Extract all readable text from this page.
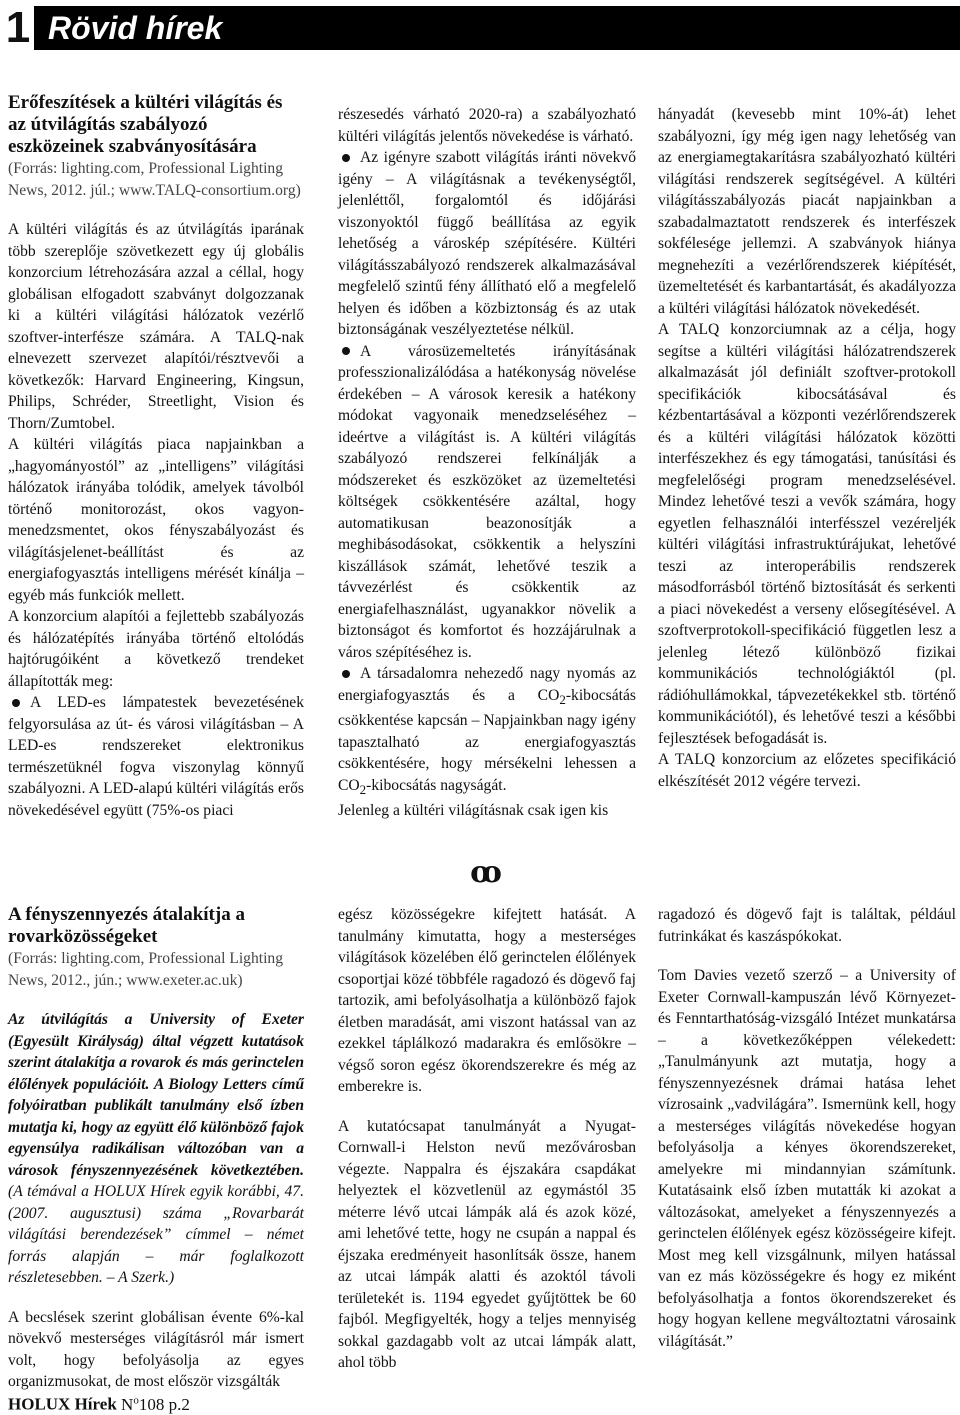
1 Rövid hírek

Erőfeszítések a kültéri világítás és az útvilágítás szabályozó eszközeinek szabványosítására

(Forrás: lighting.com, Professional Lighting News, 2012. júl.; www.TALQ-consortium.org)

A kültéri világítás és az útvilágítás iparának több szereplője szövetkezett egy új globális konzorcium létrehozására azzal a céllal, hogy globálisan elfogadott szabványt dolgozzanak ki a kültéri világítási hálózatok vezérlő szoftver-interfésze számára. A TALQ-nak elnevezett szervezet alapítói/résztvevői a következők: Harvard Engineering, Kingsun, Philips, Schréder, Streetlight, Vision és Thorn/Zumtobel.

A kültéri világítás piaca napjainkban a „hagyományostól” az „intelligens” világítási hálózatok irányába tolódik, amelyek távolból történő monitorozást, okos vagyon-menedzsmentet, okos fényszabályozást és világításjelenet-beállítást és az energiafogyasztás intelligens mérését kínálja – egyéb más funkciók mellett.

A konzorcium alapítói a fejlettebb szabályozás és hálózatépítés irányába történő eltolódás hajtórugóiként a következő trendeket állapították meg:

A LED-es lámpatestek bevezetésének felgyorsulása az út- és városi világításban – A LED-es rendszereket elektronikus természetüknél fogva viszonylag könnyű szabályozni. A LED-alapú kültéri világítás erős növekedésével együtt (75%-os piaci

részesedés várható 2020-ra) a szabályozható kültéri világítás jelentős növekedése is várható.

Az igényre szabott világítás iránti növekvő igény – A világításnak a tevékenységtől, jelenléttől, forgalomtól és időjárási viszonyoktól függő beállítása az egyik lehetőség a városkép szépítésére. Kültéri világításszabályozó rendszerek alkalmazásával megfelelő szintű fény állítható elő a megfelelő helyen és időben a közbiztonság és az utak biztonságának veszélyeztetése nélkül.

A városüzemeltetés irányításának professzionalizálódása a hatékonyság növelése érdekében – A városok keresik a hatékony módokat vagyonaik menedzseléséhez – ideértve a világítást is. A kültéri világítás szabályozó rendszerei felkínálják a módszereket és eszközöket az üzemeltetési költségek csökkentésére azáltal, hogy automatikusan beazonosítják a meghibásodásokat, csökkentik a helyszíni kiszállások számát, lehetővé teszik a távvezérlést és csökkentik az energiafelhasználást, ugyanakkor növelik a biztonságot és komfortot és hozzájárulnak a város szépítéséhez is.

A társadalomra nehezedő nagy nyomás az energiafogyasztás és a $CO_2$-kibocsátás csökkentése kapcsán – Napjainkban nagy igény tapasztalható az energiafogyasztás csökkentésére, hogy mérsékelni lehessen a $CO_2$-kibocsátás nagyságát.

Jelenleg a kültéri világításnak csak igen kis

hányadát (kevesebb mint 10%-át) lehet szabályozni, így még igen nagy lehetőség van az energiamegtakarításra szabályozható kültéri világítási rendszerek segítségével. A kültéri világításszabályozás piacát napjainkban a szabadalmaztatott rendszerek és interfészek sokfélesége jellemzi. A szabványok hiánya megnehezíti a vezérlőrendszerek kiépítését, üzemeltetését és karbantartását, és akadályozza a kültéri világítási hálózatok növekedését.

A TALQ konzorciumnak az a célja, hogy segítse a kültéri világítási hálózatrendszerek alkalmazását jól definiált szoftver-protokoll specifikációk kibocsátásával és kézbentartásával a központi vezérlőrendszerek és a kültéri világítási hálózatok közötti interfészekhez és egy támogatási, tanúsítási és megfelelőségi program menedzselésével. Mindez lehetővé teszi a vevők számára, hogy egyetlen felhasználói interfésszel vezéreljék kültéri világítási infrastruktúrájukat, lehetővé teszi az interoperábilis rendszerek másodforrásból történő biztosítását és serkenti a piaci növekedést a verseny elősegítésével. A szoftverprotokoll-specifikáció független lesz a jelenleg létező különböző fizikai kommunikációs technológiáktól (pl. rádióhullámokkal, tápvezetékekkel stb. történő kommunikációtól), és lehetővé teszi a későbbi fejlesztések befogadását is.

A TALQ konzorcium az előzetes specifikáció elkészítését 2012 végére tervezi.

ꝏ

A fényszennyezés átalakítja a rovarközösségeket

(Forrás: lighting.com, Professional Lighting News, 2012., jún.; www.exeter.ac.uk)

Az útvilágítás a University of Exeter (Egyesült Királyság) által végzett kutatások szerint átalakítja a rovarok és más gerinctelen élőlények populációit. A Biology Letters című folyóiratban publikált tanulmány első ízben mutatja ki, hogy az együtt élő különböző fajok egyensúlya radikálisan változóban van a városok fényszennyezésének következtében. (A témával a HOLUX Hírek egyik korábbi, 47. (2007. augusztusi) száma „Rovarbarát világítási berendezések” címmel – német forrás alapján – már foglalkozott részletesebben. – A Szerk.)

A becslések szerint globálisan évente 6%-kal növekvő mesterséges világításról már ismert volt, hogy befolyásolja az egyes organizmusokat, de most először vizsgálták

egész közösségekre kifejtett hatását. A tanulmány kimutatta, hogy a mesterséges világítások közelében élő gerinctelen élőlények csoportjai közé többféle ragadozó és dögevő faj tartozik, ami befolyásolhatja a különböző fajok életben maradását, ami viszont hatással van az ezekkel táplálkozó madarakra és emlősökre – végső soron egész ökorendszerekre és még az emberekre is.

A kutatócsapat tanulmányát a Nyugat-Cornwall-i Helston nevű mezővárosban végezte. Nappalra és éjszakára csapdákat helyeztek el közvetlenül az egymástól 35 méterre lévő utcai lámpák alá és azok közé, ami lehetővé tette, hogy ne csupán a nappal és éjszaka eredményeit hasonlítsák össze, hanem az utcai lámpák alatti és azoktól távoli területekét is. 1194 egyedet gyűjtöttek be 60 fajból. Megfigyelték, hogy a teljes mennyiség sokkal gazdagabb volt az utcai lámpák alatt, ahol több

ragadozó és dögevő fajt is találtak, például futrinkákat és kaszáspókokat.

Tom Davies vezető szerző – a University of Exeter Cornwall-kampuszán lévő Környezet- és Fenntarthatóság-vizsgáló Intézet munkatársa – a következőképpen vélekedett: „Tanulmányunk azt mutatja, hogy a fényszennyezésnek drámai hatása lehet vízrosaink „vadvilágára”. Ismernünk kell, hogy a mesterséges világítás növekedése hogyan befolyásolja a kényes ökorendszereket, amelyekre mi mindannyian számítunk. Kutatásaink első ízben mutatták ki azokat a változásokat, amelyeket a fényszennyezés a gerinctelen élőlények egész közösségeire kifejt. Most meg kell vizsgálnunk, milyen hatással van ez más közösségekre és hogy ez miként befolyásolhatja a fontos ökorendszereket és hogy hogyan kellene megváltoztatni városaink világítását.”

HOLUX Hírek $N^o108$ p.2
